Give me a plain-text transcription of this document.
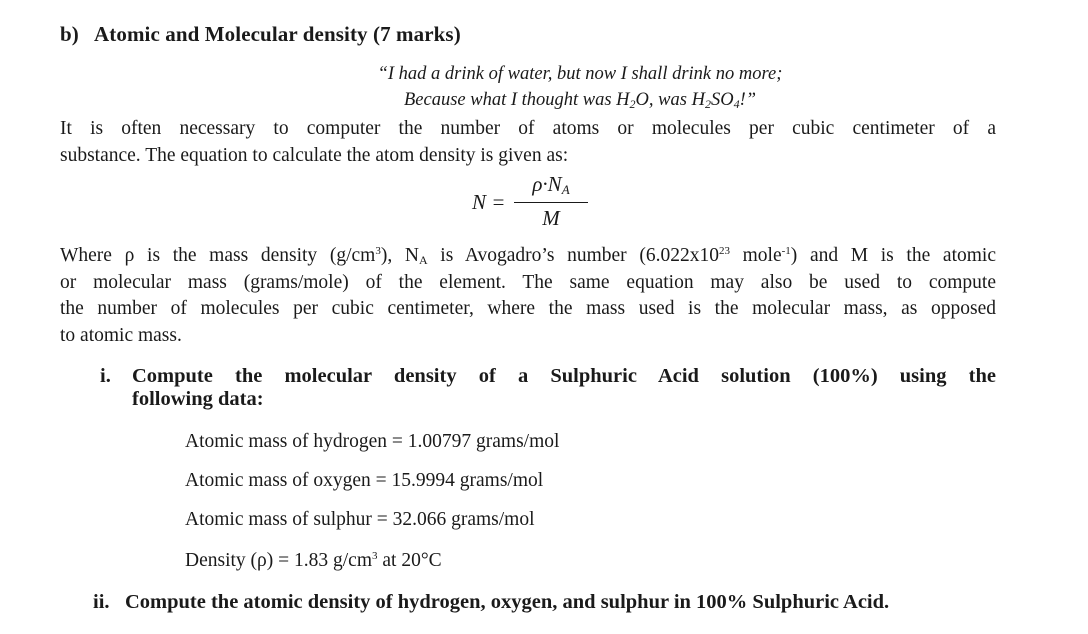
b) Atomic and Molecular density (7 marks)
“I had a drink of water, but now I shall drink no more;
Because what I thought was $H_2O$, was $H_2SO_4$!”
It is often necessary to computer the number of atoms or molecules per cubic centimeter of a
substance. The equation to calculate the atom density is given as:
N =
$\rho\cdot N_A$
M
Where ρ is the mass density $(g/cm^3)$, $N_A$ is Avogadro’s number ($6.022x10^{23}$ mole$^{-1}$) and M is the atomic
or molecular mass (grams/mole) of the element. The same equation may also be used to compute
the number of molecules per cubic centimeter, where the mass used is the molecular mass, as opposed
to atomic mass.
i. Compute the molecular density of a Sulphuric Acid solution (100%) using the
following data:
Atomic mass of hydrogen = 1.00797 grams/mol
Atomic mass of oxygen = 15.9994 grams/mol
Atomic mass of sulphur = 32.066 grams/mol
Density (ρ) = 1.83 $g/cm^3$ at 20°C
ii. Compute the atomic density of hydrogen, oxygen, and sulphur in 100% Sulphuric Acid.
